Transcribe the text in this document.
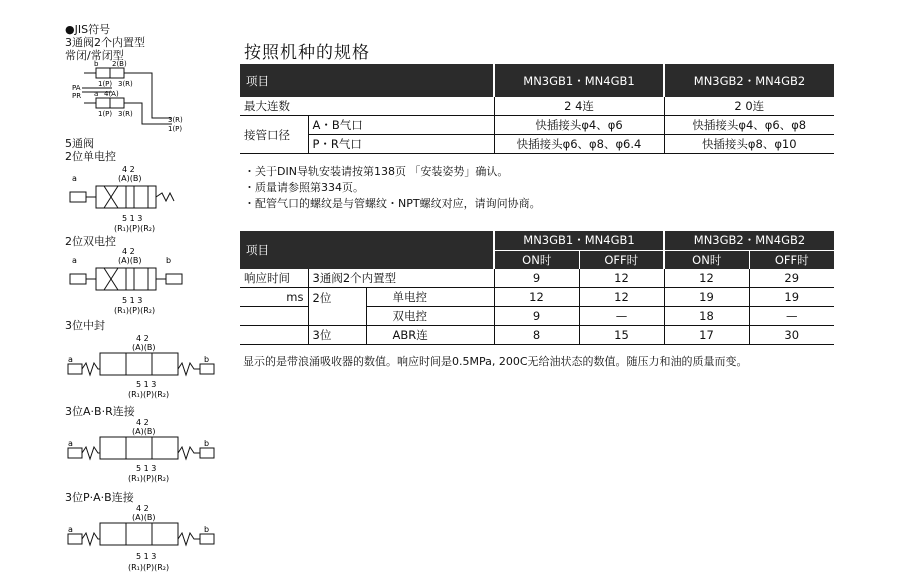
●JIS符号
3通阀2个内置型
常闭/常闭型
b 2(B)
1(P) 3(R)
PA
PR a 4(A)
1(P) 3(R)
3(R)
1(P)
5通阀
2位单电控
4 2
(A)(B)
a
5 1 3
(R₁)(P)(R₂)
2位双电控
4 2
(A)(B)
a	b
5 1 3
(R₁)(P)(R₂)
3位中封
4 2
(A)(B)
a	b
5 1 3
(R₁)(P)(R₂)
3位A·B·R连接
4 2
(A)(B)
a	b
5 1 3
(R₁)(P)(R₂)
3位P·A·B连接
4 2
(A)(B)
a	b
5 1 3
(R₁)(P)(R₂)
按照机种的规格
项目		MN3GB1・MN4GB1	MN3GB2・MN4GB2
最大连数		2 4连	2 0连
接管口径	A・B气口	快插接头φ4、φ6	快插接头φ4、φ6、φ8
	P・R气口	快插接头φ6、φ8、φ6.4	快插接头φ8、φ10
・关于DIN导轨安装请按第138页 「安装姿势」确认。
・质量请参照第334页。
・配管气口的螺纹是与管螺纹・NPT螺纹对应，请询问协商。
项目			MN3GB1・MN4GB1		MN3GB2・MN4GB2	
			ON时	OFF时	ON时	OFF时
响应时间	3通阀2个内置型		9	12	12	29
ms	2位	单电控	12	12	19	19
		双电控	9	—	18	—
	3位	ABR连	8	15	17	30
显示的是带浪涌吸收器的数值。响应时间是0.5MPa, 200C无给油状态的数值。随压力和油的质量而变。
